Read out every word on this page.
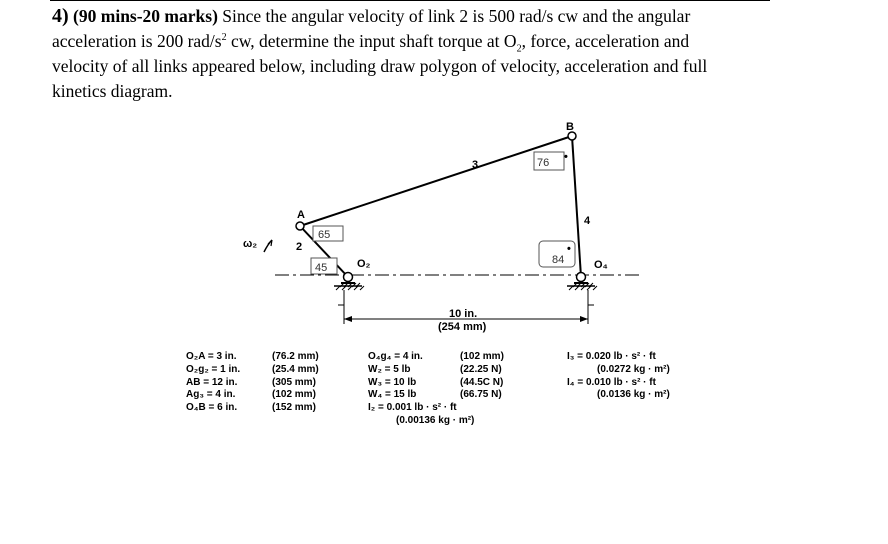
4) (90 mins-20 marks) Since the angular velocity of link 2 is 500 rad/s cw and the angular
acceleration is 200 rad/$s^2$ cw, determine the input shaft torque at $O_2$, force, acceleration and
velocity of all links appeared below, including draw polygon of velocity, acceleration and full
kinetics diagram.
65
45
76 •
84
•
B
A
3
4
2
O₂	O₄
ω₂
10 in.
(254 mm)
O₂A = 3 in.	(76.2 mm)
O₂g₂ = 1 in.	(25.4 mm)
AB = 12 in.	(305 mm)
Ag₃ = 4 in.	(102 mm)
O₄B = 6 in.	(152 mm)
O₄g₄ = 4 in.	(102 mm)
W₂ = 5 lb	(22.25 N)
W₃ = 10 lb	(44.5C N)
W₄ = 15 lb	(66.75 N)
I₂ = 0.001 lb · s² · ft
(0.00136 kg · m²)
I₃ = 0.020 lb · s² · ft
(0.0272 kg · m²)
I₄ = 0.010 lb · s² · ft
(0.0136 kg · m²)
